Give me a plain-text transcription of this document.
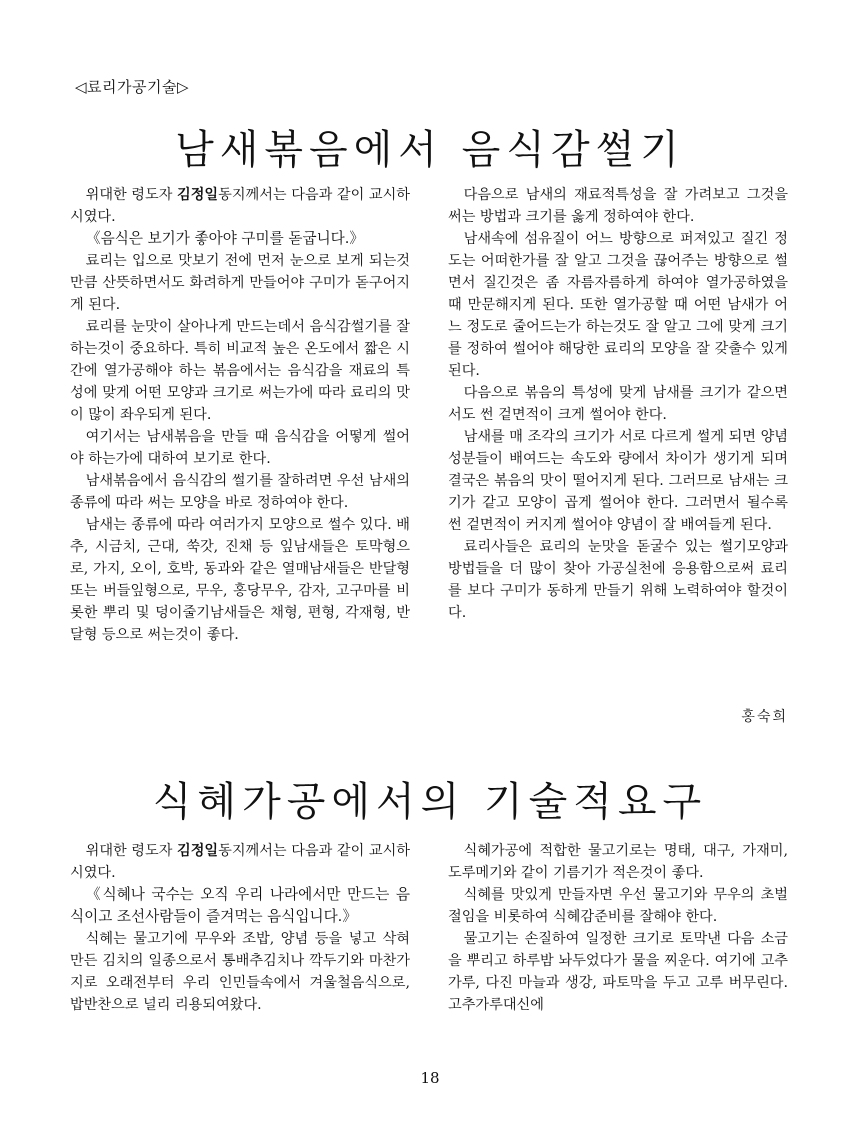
◁료리가공기술▷
남새볶음에서 음식감썰기

위대한 령도자 김정일동지께서는 다음과 같이 교시하시였다.

《음식은 보기가 좋아야 구미를 돋굽니다.》

료리는 입으로 맛보기 전에 먼저 눈으로 보게 되는것만큼 산뜻하면서도 화려하게 만들어야 구미가 돋구어지게 된다.

료리를 눈맛이 살아나게 만드는데서 음식감썰기를 잘하는것이 중요하다. 특히 비교적 높은 온도에서 짧은 시간에 열가공해야 하는 볶음에서는 음식감을 재료의 특성에 맞게 어떤 모양과 크기로 써는가에 따라 료리의 맛이 많이 좌우되게 된다.

여기서는 남새볶음을 만들 때 음식감을 어떻게 썰어야 하는가에 대하여 보기로 한다.

남새볶음에서 음식감의 썰기를 잘하려면 우선 남새의 종류에 따라 써는 모양을 바로 정하여야 한다.

남새는 종류에 따라 여러가지 모양으로 썰수 있다. 배추, 시금치, 근대, 쑥갓, 진채 등 잎남새들은 토막형으로, 가지, 오이, 호박, 동과와 같은 열매남새들은 반달형 또는 버들잎형으로, 무우, 홍당무우, 감자, 고구마를 비롯한 뿌리 및 덩이줄기남새들은 채형, 편형, 각재형, 반달형 등으로 써는것이 좋다.

다음으로 남새의 재료적특성을 잘 가려보고 그것을 써는 방법과 크기를 옳게 정하여야 한다.

남새속에 섬유질이 어느 방향으로 퍼져있고 질긴 정도는 어떠한가를 잘 알고 그것을 끊어주는 방향으로 썰면서 질긴것은 좀 자름자름하게 하여야 열가공하였을 때 만문해지게 된다. 또한 열가공할 때 어떤 남새가 어느 정도로 줄어드는가 하는것도 잘 알고 그에 맞게 크기를 정하여 썰어야 해당한 료리의 모양을 잘 갖출수 있게 된다.

다음으로 볶음의 특성에 맞게 남새를 크기가 같으면서도 썬 겉면적이 크게 썰어야 한다.

남새를 매 조각의 크기가 서로 다르게 썰게 되면 양념성분들이 배여드는 속도와 량에서 차이가 생기게 되며 결국은 볶음의 맛이 떨어지게 된다. 그러므로 남새는 크기가 같고 모양이 곱게 썰어야 한다. 그러면서 될수록 썬 겉면적이 커지게 썰어야 양념이 잘 배여들게 된다.

료리사들은 료리의 눈맛을 돋굴수 있는 썰기모양과 방법들을 더 많이 찾아 가공실천에 응용함으로써 료리를 보다 구미가 동하게 만들기 위해 노력하여야 할것이다.

홍숙희
식혜가공에서의 기술적요구

위대한 령도자 김정일동지께서는 다음과 같이 교시하시였다.

《식혜나 국수는 오직 우리 나라에서만 만드는 음식이고 조선사람들이 즐겨먹는 음식입니다.》

식혜는 물고기에 무우와 조밥, 양념 등을 넣고 삭혀 만든 김치의 일종으로서 통배추김치나 깍두기와 마찬가지로 오래전부터 우리 인민들속에서 겨울철음식으로, 밥반찬으로 널리 리용되여왔다.

식혜가공에 적합한 물고기로는 명태, 대구, 가재미, 도루메기와 같이 기름기가 적은것이 좋다.

식혜를 맛있게 만들자면 우선 물고기와 무우의 초벌절임을 비롯하여 식혜감준비를 잘해야 한다.

물고기는 손질하여 일정한 크기로 토막낸 다음 소금을 뿌리고 하루밤 놔두었다가 물을 찌운다. 여기에 고추가루, 다진 마늘과 생강, 파토막을 두고 고루 버무린다. 고추가루대신에

18
